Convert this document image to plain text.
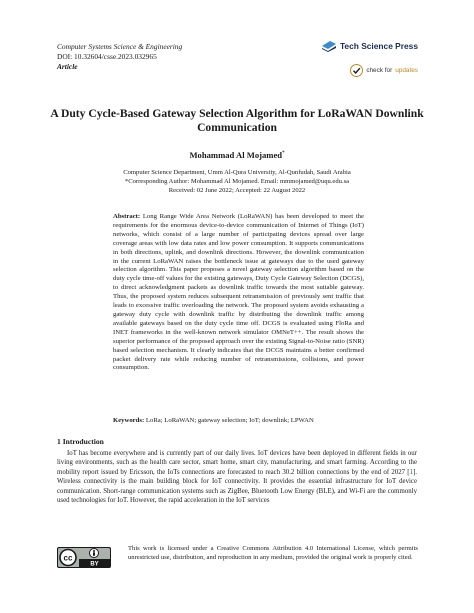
Computer Systems Science & Engineering
DOI: 10.32604/csse.2023.032965
Article
Tech Science Press
check for updates
A Duty Cycle-Based Gateway Selection Algorithm for LoRaWAN Downlink Communication
Mohammad Al Mojamed*
Computer Science Department, Umm Al-Qura University, Al-Qunfudah, Saudi Arabia
*Corresponding Author: Mohammad Al Mojamed. Email: mmmojamed@uqu.edu.sa
Received: 02 June 2022; Accepted: 22 August 2022
Abstract: Long Range Wide Area Network (LoRaWAN) has been developed to meet the requirements for the enormous device-to-device communication of Internet of Things (IoT) networks, which consist of a large number of participating devices spread over large coverage areas with low data rates and low power consumption. It supports communications in both directions, uplink, and downlink directions. However, the downlink communication in the current LoRaWAN raises the bottleneck issue at gateways due to the used gateway selection algorithm. This paper proposes a novel gateway selection algorithm based on the duty cycle time-off values for the existing gateways, Duty Cycle Gateway Selection (DCGS), to direct acknowledgment packets as downlink traffic towards the most suitable gateway. Thus, the proposed system reduces subsequent retransmission of previously sent traffic that leads to excessive traffic overloading the network. The proposed system avoids exhausting a gateway duty cycle with downlink traffic by distributing the downlink traffic among available gateways based on the duty cycle time off. DCGS is evaluated using FloRa and INET frameworks in the well-known network simulator OMNeT++. The result shows the superior performance of the proposed approach over the existing Signal-to-Noise ratio (SNR) based selection mechanism. It clearly indicates that the DCGS maintains a better confirmed packet delivery rate while reducing number of retransmissions, collisions, and power consumption.
Keywords: LoRa; LoRaWAN; gateway selection; IoT; downlink; LPWAN
1 Introduction
IoT has become everywhere and is currently part of our daily lives. IoT devices have been deployed in different fields in our living environments, such as the health care sector, smart home, smart city, manufacturing, and smart farming. According to the mobility report issued by Ericsson, the IoTs connections are forecasted to reach 30.2 billion connections by the end of 2027 [1]. Wireless connectivity is the main building block for IoT connectivity. It provides the essential infrastructure for IoT device communication. Short-range communication systems such as ZigBee, Bluetooth Low Energy (BLE), and Wi-Fi are the commonly used technologies for IoT. However, the rapid acceleration in the IoT services
cc
BY
This work is licensed under a Creative Commons Attribution 4.0 International License, which permits unrestricted use, distribution, and reproduction in any medium, provided the original work is properly cited.
